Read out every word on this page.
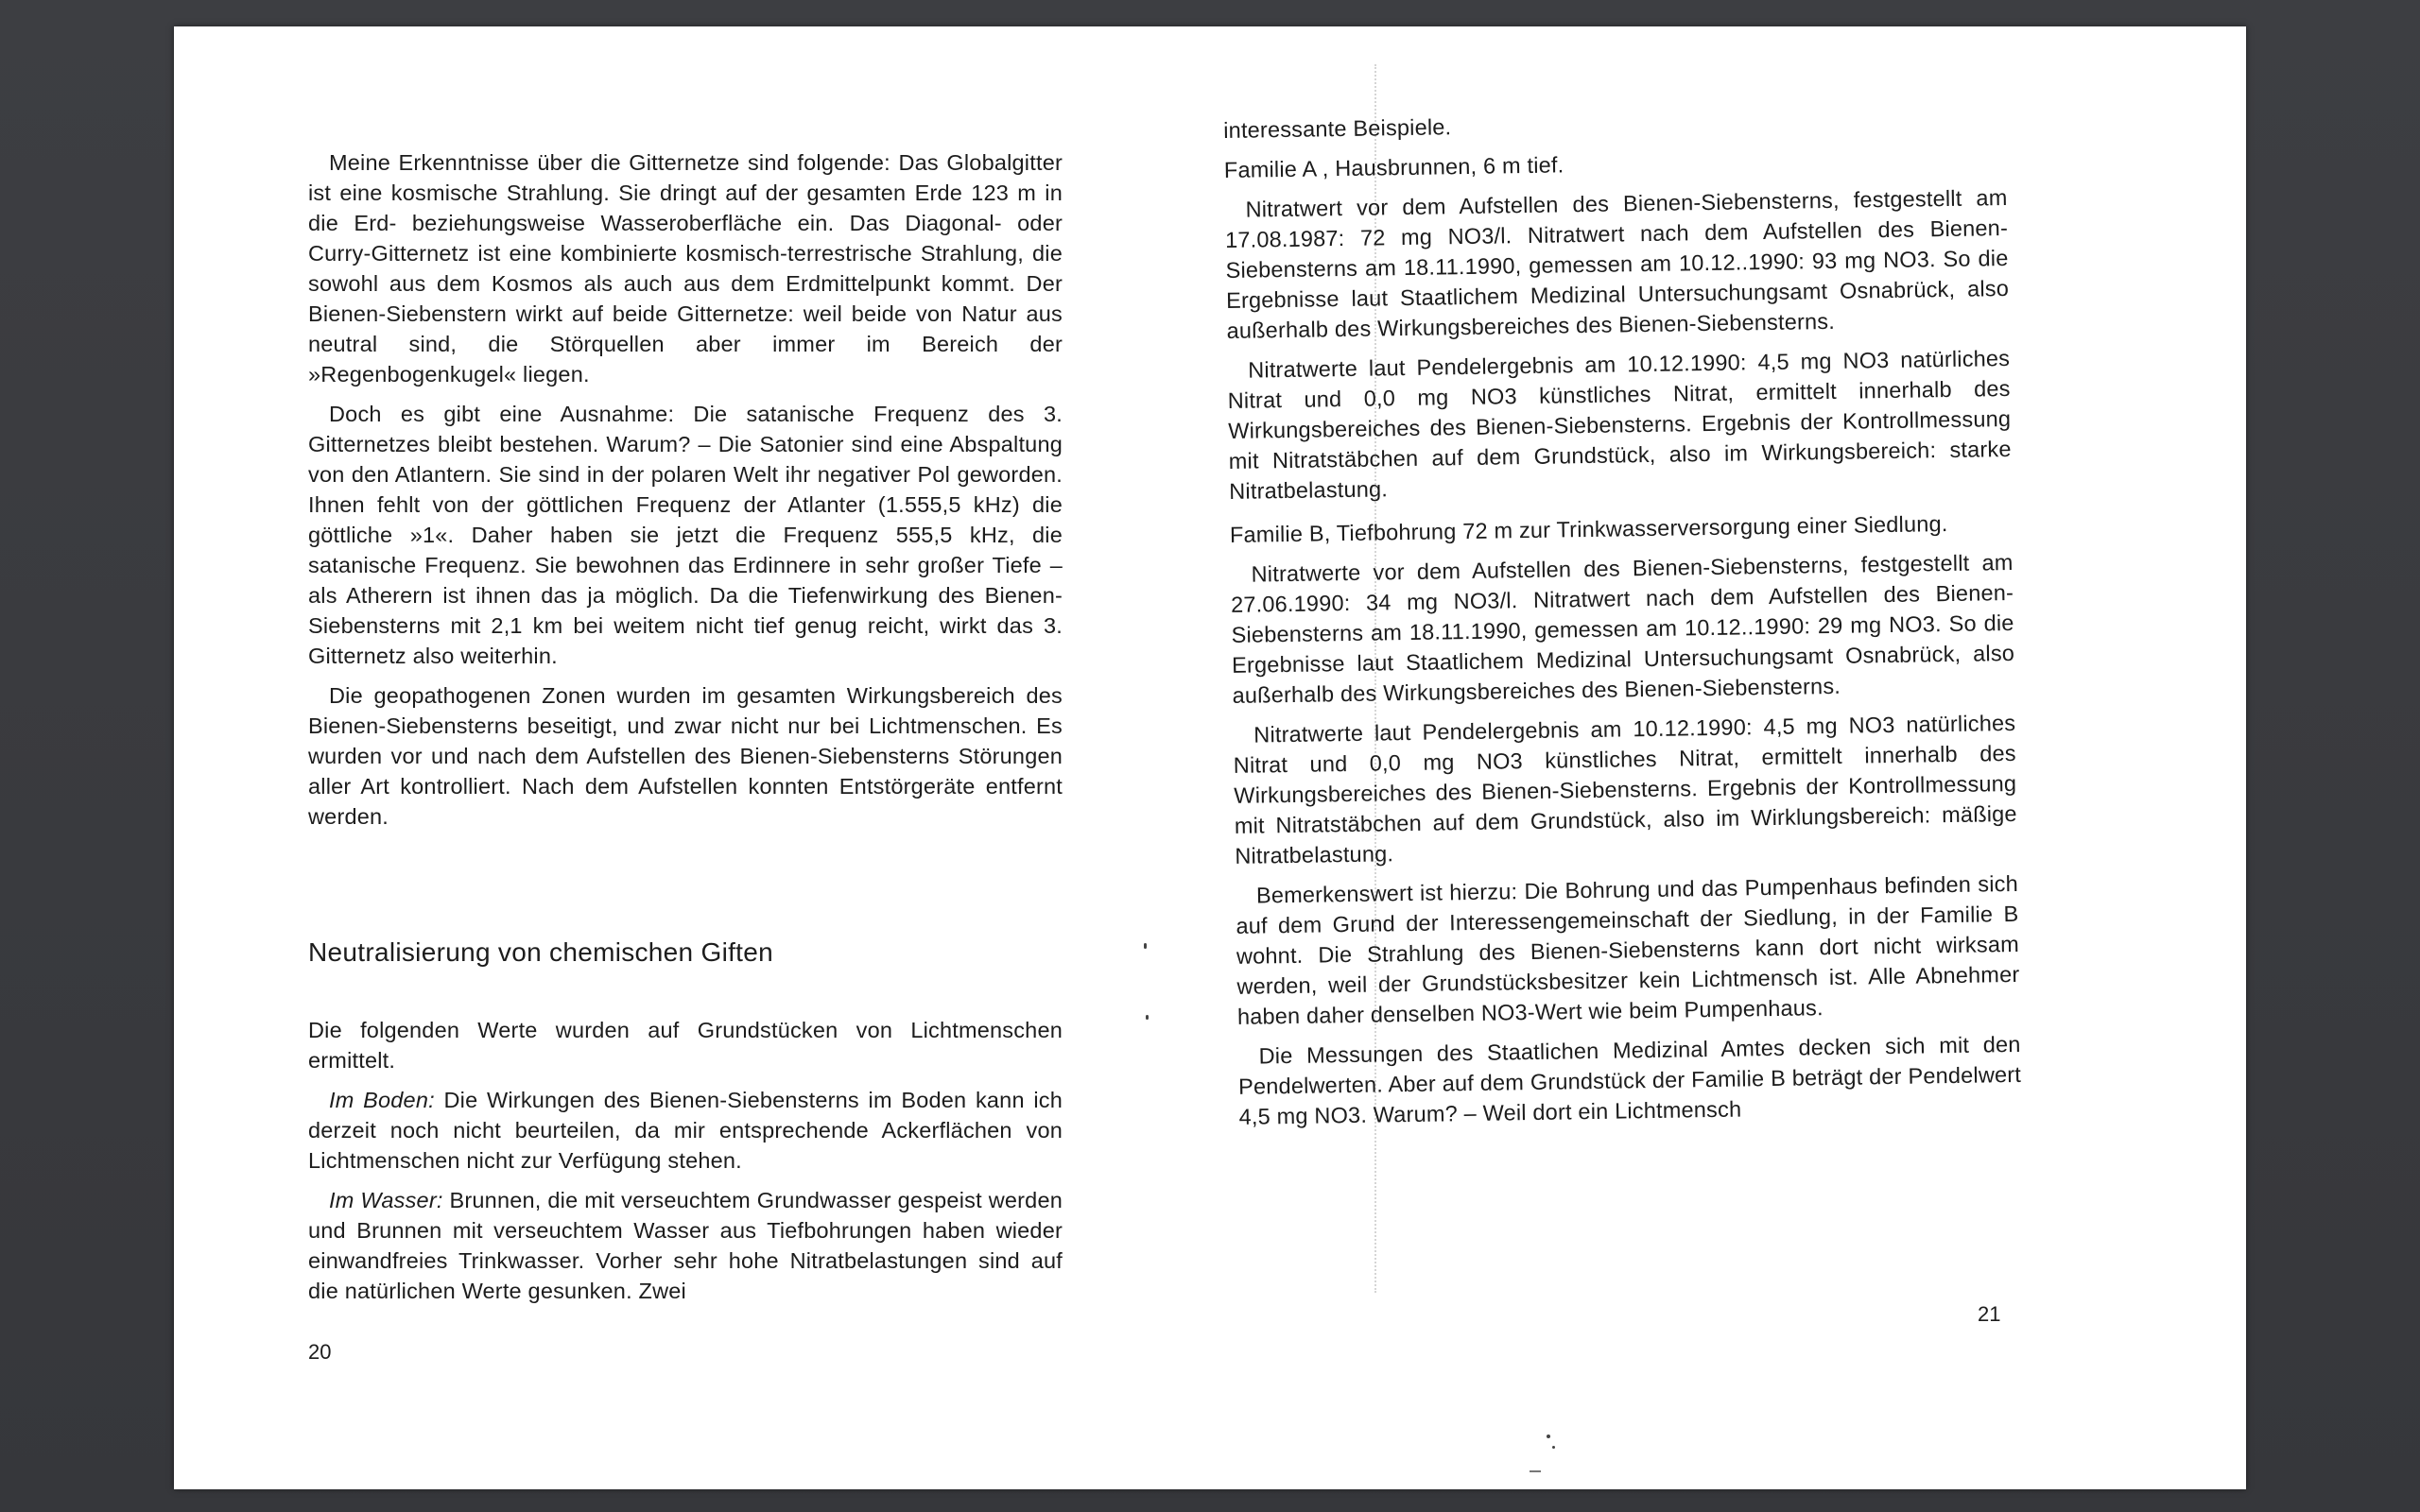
Meine Erkenntnisse über die Gitternetze sind folgende: Das Globalgitter ist eine kosmische Strahlung. Sie dringt auf der gesamten Erde 123 m in die Erd- beziehungsweise Wasseroberfläche ein. Das Diagonal- oder Curry-Gitternetz ist eine kombinierte kosmisch-terrestrische Strahlung, die sowohl aus dem Kosmos als auch aus dem Erdmittelpunkt kommt. Der Bienen-Siebenstern wirkt auf beide Gitternetze: weil beide von Natur aus neutral sind, die Störquellen aber immer im Bereich der »Regenbogenkugel« liegen.

Doch es gibt eine Ausnahme: Die satanische Frequenz des 3. Gitternetzes bleibt bestehen. Warum? – Die Satonier sind eine Abspaltung von den Atlantern. Sie sind in der polaren Welt ihr negativer Pol geworden. Ihnen fehlt von der göttlichen Frequenz der Atlanter (1.555,5 kHz) die göttliche »1«. Daher haben sie jetzt die Frequenz 555,5 kHz, die satanische Frequenz. Sie bewohnen das Erdinnere in sehr großer Tiefe – als Atherern ist ihnen das ja möglich. Da die Tiefenwirkung des Bienen-Siebensterns mit 2,1 km bei weitem nicht tief genug reicht, wirkt das 3. Gitternetz also weiterhin.

Die geopathogenen Zonen wurden im gesamten Wirkungsbereich des Bienen-Siebensterns beseitigt, und zwar nicht nur bei Lichtmenschen. Es wurden vor und nach dem Aufstellen des Bienen-Siebensterns Störungen aller Art kontrolliert. Nach dem Aufstellen konnten Entstörgeräte entfernt werden.

Neutralisierung von chemischen Giften

Die folgenden Werte wurden auf Grundstücken von Lichtmenschen ermittelt.

Im Boden: Die Wirkungen des Bienen-Siebensterns im Boden kann ich derzeit noch nicht beurteilen, da mir entsprechende Ackerflächen von Lichtmenschen nicht zur Verfügung stehen.

Im Wasser: Brunnen, die mit verseuchtem Grundwasser gespeist werden und Brunnen mit verseuchtem Wasser aus Tiefbohrungen haben wieder einwandfreies Trinkwasser. Vorher sehr hohe Nitratbelastungen sind auf die natürlichen Werte gesunken. Zwei

20

interessante Beispiele.

Familie A , Hausbrunnen, 6 m tief.

Nitratwert vor dem Aufstellen des Bienen-Siebensterns, festgestellt am 17.08.1987: 72 mg NO3/l. Nitratwert nach dem Aufstellen des Bienen-Siebensterns am 18.11.1990, gemessen am 10.12..1990: 93 mg NO3. So die Ergebnisse laut Staatlichem Medizinal Untersuchungsamt Osnabrück, also außerhalb des Wirkungsbereiches des Bienen-Siebensterns.

Nitratwerte laut Pendelergebnis am 10.12.1990: 4,5 mg NO3 natürliches Nitrat und 0,0 mg NO3 künstliches Nitrat, ermittelt innerhalb des Wirkungsbereiches des Bienen-Siebensterns. Ergebnis der Kontrollmessung mit Nitratstäbchen auf dem Grundstück, also im Wirkungsbereich: starke Nitratbelastung.

Familie B, Tiefbohrung 72 m zur Trinkwasserversorgung einer Siedlung.

Nitratwerte vor dem Aufstellen des Bienen-Siebensterns, festgestellt am 27.06.1990: 34 mg NO3/l. Nitratwert nach dem Aufstellen des Bienen-Siebensterns am 18.11.1990, gemessen am 10.12..1990: 29 mg NO3. So die Ergebnisse laut Staatlichem Medizinal Untersuchungsamt Osnabrück, also außerhalb des Wirkungsbereiches des Bienen-Siebensterns.

Nitratwerte laut Pendelergebnis am 10.12.1990: 4,5 mg NO3 natürliches Nitrat und 0,0 mg NO3 künstliches Nitrat, ermittelt innerhalb des Wirkungsbereiches des Bienen-Siebensterns. Ergebnis der Kontrollmessung mit Nitratstäbchen auf dem Grundstück, also im Wirklungsbereich: mäßige Nitratbelastung.

Bemerkenswert ist hierzu: Die Bohrung und das Pumpenhaus befinden sich auf dem Grund der Interessengemeinschaft der Siedlung, in der Familie B wohnt. Die Strahlung des Bienen-Siebensterns kann dort nicht wirksam werden, weil der Grundstücksbesitzer kein Lichtmensch ist. Alle Abnehmer haben daher denselben NO3-Wert wie beim Pumpenhaus.

Die Messungen des Staatlichen Medizinal Amtes decken sich mit den Pendelwerten. Aber auf dem Grundstück der Familie B beträgt der Pendelwert 4,5 mg NO3. Warum? – Weil dort ein Lichtmensch

21
